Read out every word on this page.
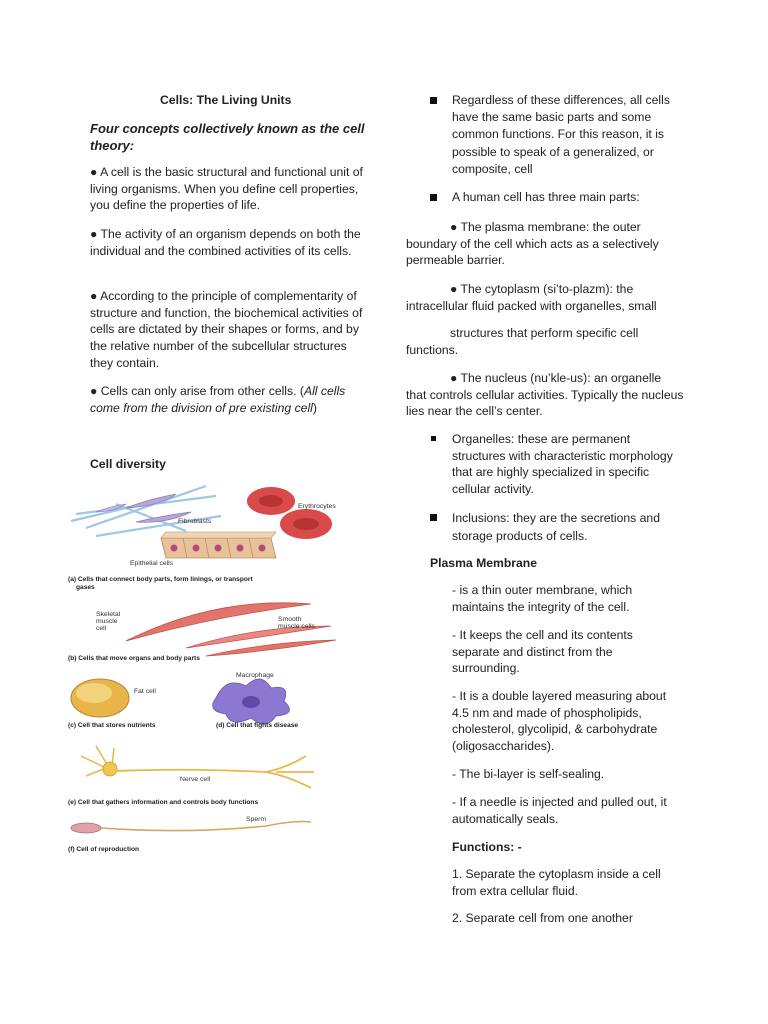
Cells: The Living Units

Four concepts collectively known as the cell theory:

● A cell is the basic structural and functional unit of living organisms. When you define cell properties, you define the properties of life.

● The activity of an organism depends on both the individual and the combined activities of its cells.

● According to the principle of complementarity of structure and function, the biochemical activities of cells are dictated by their shapes or forms, and by the relative number of the subcellular structures they contain.

● Cells can only arise from other cells. (All cells come from the division of pre existing cell)

Cell diversity

Fibroblasts
Erythrocytes
Epithelial cells
(a) Cells that connect body parts, form linings, or transport
gases
Skeletal
muscle
cell
Smooth
muscle cells
(b) Cells that move organs and body parts
Fat cell
Macrophage
(c) Cell that stores nutrients	(d) Cell that fights disease
Nerve cell
(e) Cell that gathers information and controls body functions
Sperm
(f) Cell of reproduction

Regardless of these differences, all cells have the same basic parts and some common functions. For this reason, it is possible to speak of a generalized, or composite, cell

A human cell has three main parts:

● The plasma membrane: the outer boundary of the cell which acts as a selectively permeable barrier.

● The cytoplasm (si’to-plazm): the intracellular fluid packed with organelles, small

structures that perform specific cell functions.

● The nucleus (nu’kle-us): an organelle that controls cellular activities. Typically the nucleus lies near the cell’s center.

Organelles: these are permanent structures with characteristic morphology that are highly specialized in specific cellular activity.

Inclusions: they are the secretions and storage products of cells.

Plasma Membrane

- is a thin outer membrane, which maintains the integrity of the cell.

- It keeps the cell and its contents separate and distinct from the surrounding.

- It is a double layered measuring about 4.5 nm and made of phospholipids, cholesterol, glycolipid, & carbohydrate (oligosaccharides).

- The bi-layer is self-sealing.

- If a needle is injected and pulled out, it automatically seals.

Functions: -

1. Separate the cytoplasm inside a cell from extra cellular fluid.

2. Separate cell from one another
